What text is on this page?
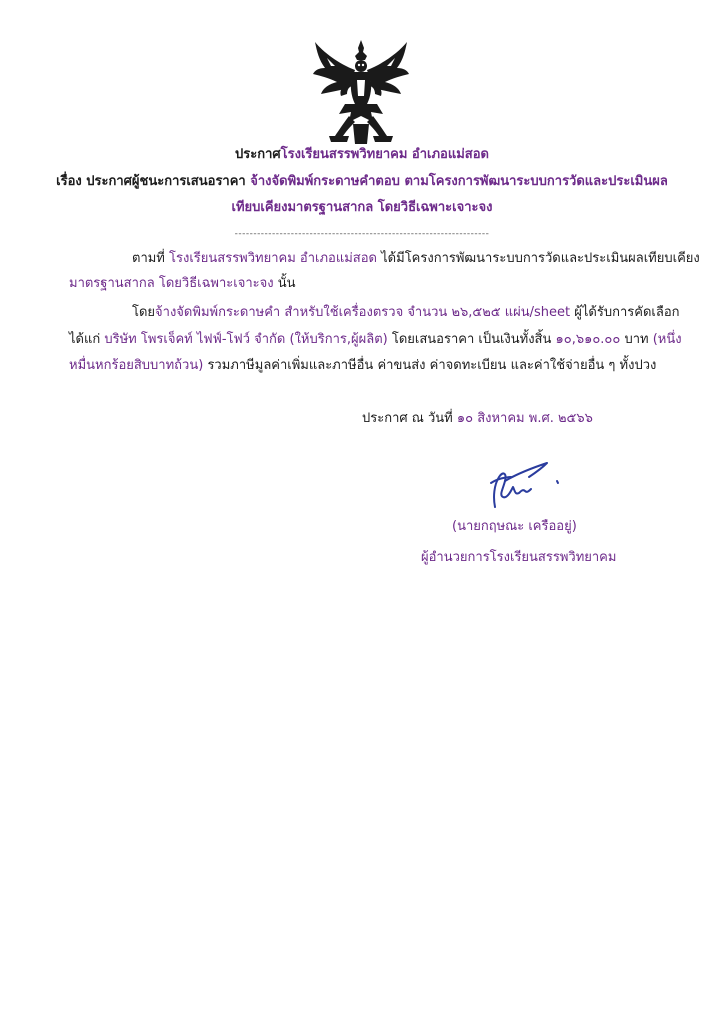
ประกาศโรงเรียนสรรพวิทยาคม อำเภอแม่สอด
เรื่อง ประกาศผู้ชนะการเสนอราคา จ้างจัดพิมพ์กระดาษคำตอบ ตามโครงการพัฒนาระบบการวัดและประเมินผล
เทียบเคียงมาตรฐานสากล โดยวิธีเฉพาะเจาะจง
--------------------------------------------------------------------
ตามที่ โรงเรียนสรรพวิทยาคม อำเภอแม่สอด ได้มีโครงการพัฒนาระบบการวัดและประเมินผลเทียบเคียง
มาตรฐานสากล โดยวิธีเฉพาะเจาะจง นั้น
โดยจ้างจัดพิมพ์กระดาษคำ สำหรับใช้เครื่องตรวจ จำนวน ๒๖,๕๒๕ แผ่น/sheet ผู้ได้รับการคัดเลือก
ได้แก่ บริษัท โพรเจ็คท์ ไฟฟ์-โฟว์ จำกัด (ให้บริการ,ผู้ผลิต) โดยเสนอราคา เป็นเงินทั้งสิ้น ๑๐,๖๑๐.๐๐ บาท (หนึ่ง
หมื่นหกร้อยสิบบาทถ้วน) รวมภาษีมูลค่าเพิ่มและภาษีอื่น ค่าขนส่ง ค่าจดทะเบียน และค่าใช้จ่ายอื่น ๆ ทั้งปวง
ประกาศ ณ วันที่ ๑๐ สิงหาคม พ.ศ. ๒๕๖๖
(นายกฤษณะ เครืออยู่)
ผู้อำนวยการโรงเรียนสรรพวิทยาคม
